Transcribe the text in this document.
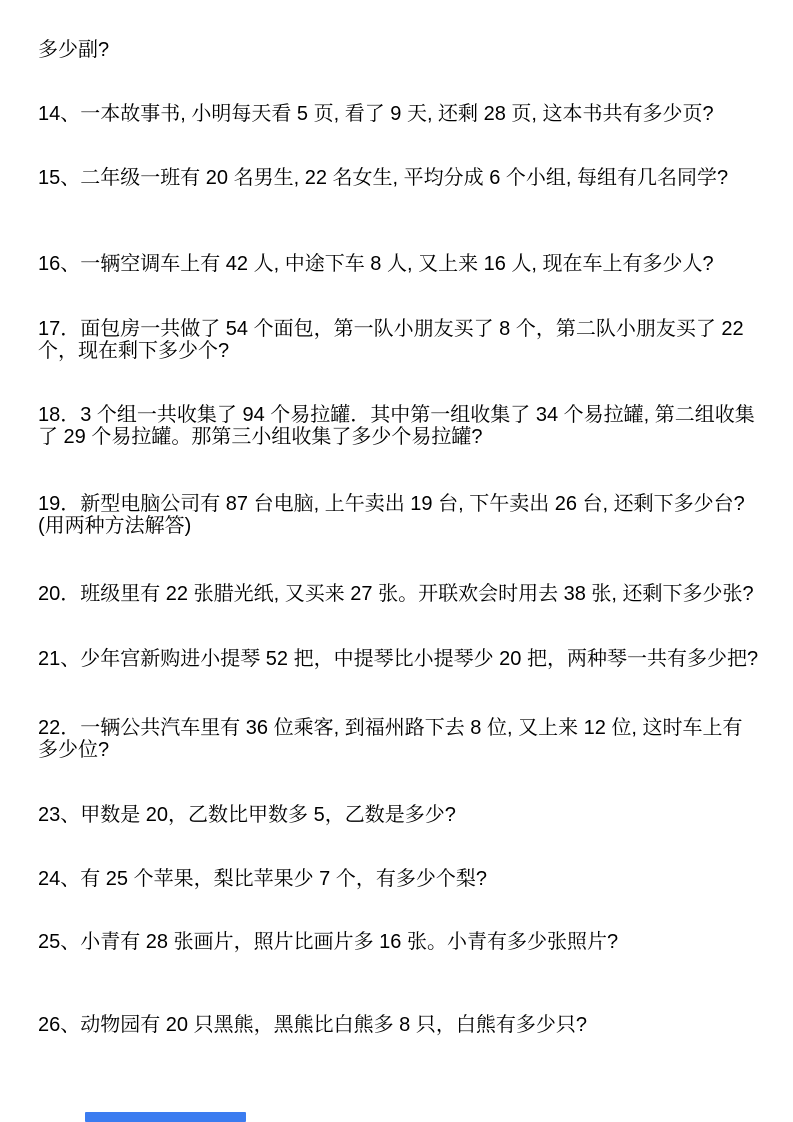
多少副?
14、一本故事书, 小明每天看 5 页, 看了 9 天, 还剩 28 页, 这本书共有多少页?
15、二年级一班有 20 名男生, 22 名女生, 平均分成 6 个小组, 每组有几名同学?
16、一辆空调车上有 42 人, 中途下车 8 人, 又上来 16 人, 现在车上有多少人?
17．面包房一共做了 54 个面包，第一队小朋友买了 8 个，第二队小朋友买了 22 个，现在剩下多少个?
18．3 个组一共收集了 94 个易拉罐．其中第一组收集了 34 个易拉罐, 第二组收集了 29 个易拉罐。那第三小组收集了多少个易拉罐?
19．新型电脑公司有 87 台电脑, 上午卖出 19 台, 下午卖出 26 台, 还剩下多少台?(用两种方法解答)
20．班级里有 22 张腊光纸, 又买来 27 张。开联欢会时用去 38 张, 还剩下多少张?
21、少年宫新购进小提琴 52 把，中提琴比小提琴少 20 把，两种琴一共有多少把?
22．一辆公共汽车里有 36 位乘客, 到福州路下去 8 位, 又上来 12 位, 这时车上有多少位?
23、甲数是 20，乙数比甲数多 5，乙数是多少?
24、有 25 个苹果，梨比苹果少 7 个，有多少个梨?
25、小青有 28 张画片，照片比画片多 16 张。小青有多少张照片?
26、动物园有 20 只黑熊，黑熊比白熊多 8 只，白熊有多少只?
